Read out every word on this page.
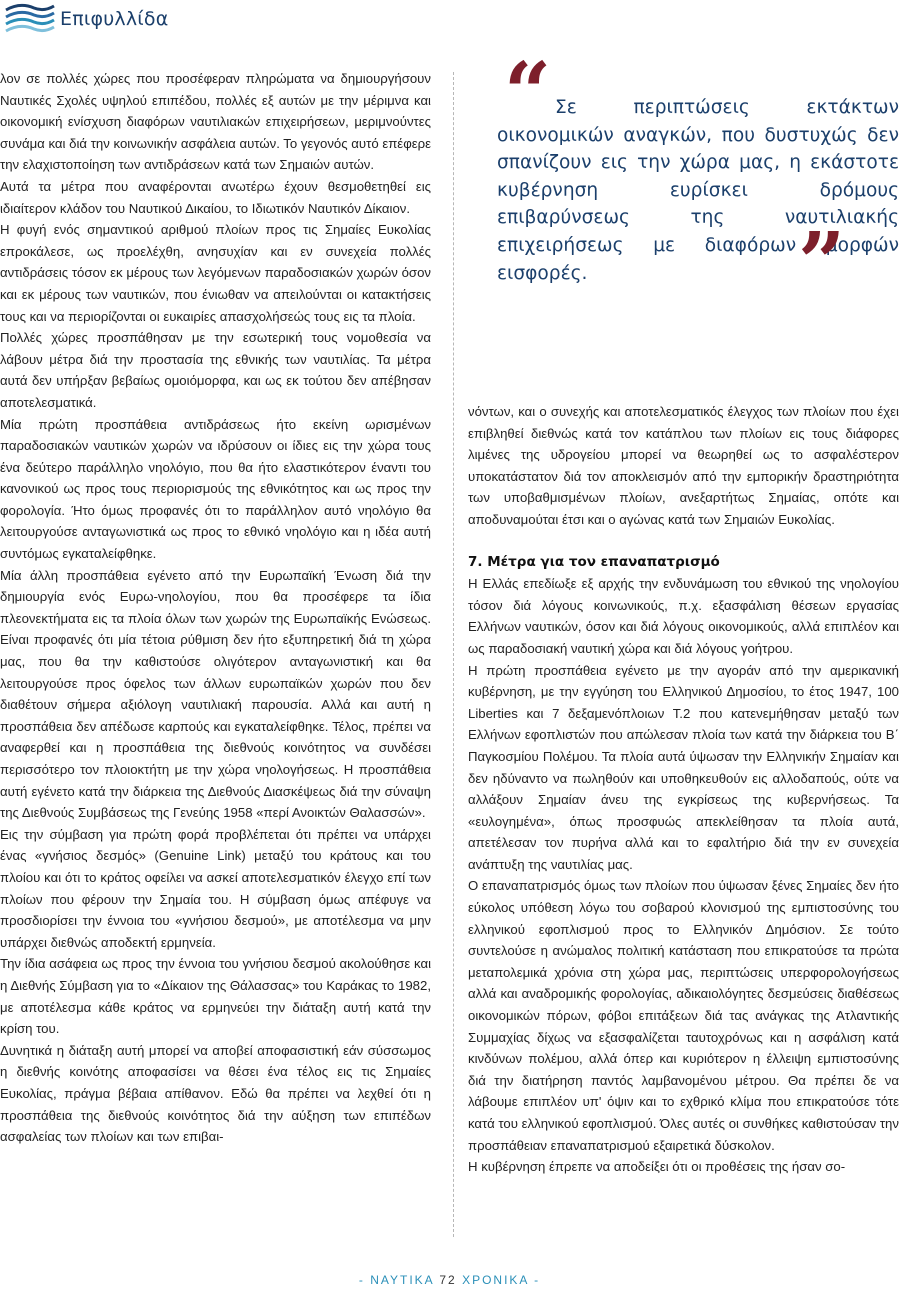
Επιφυλλίδα

λον σε πολλές χώρες που προσέφεραν πληρώματα να δημιουργήσουν Ναυτικές Σχολές υψηλού επιπέδου, πολλές εξ αυτών με την μέριμνα και οικονομική ενίσχυση διαφόρων ναυτιλιακών επιχειρήσεων, μεριμνούντες συνάμα και διά την κοινωνικήν ασφάλεια αυτών. Το γεγονός αυτό επέφερε την ελαχιστοποίηση των αντιδράσεων κατά των Σημαιών αυτών.

Αυτά τα μέτρα που αναφέρονται ανωτέρω έχουν θεσμοθετηθεί εις ιδιαίτερον κλάδον του Ναυτικού Δικαίου, το Ιδιωτικόν Ναυτικόν Δίκαιον.

Η φυγή ενός σημαντικού αριθμού πλοίων προς τις Σημαίες Ευκολίας επροκάλεσε, ως προελέχθη, ανησυχίαν και εν συνεχεία πολλές αντιδράσεις τόσον εκ μέρους των λεγόμενων παραδοσιακών χωρών όσον και εκ μέρους των ναυτικών, που ένιωθαν να απειλούνται οι κατακτήσεις τους και να περιορίζονται οι ευκαιρίες απασχολήσεώς τους εις τα πλοία.

Πολλές χώρες προσπάθησαν με την εσωτερική τους νομοθεσία να λάβουν μέτρα διά την προστασία της εθνικής των ναυτιλίας. Τα μέτρα αυτά δεν υπήρξαν βεβαίως ομοιόμορφα, και ως εκ τούτου δεν απέβησαν αποτελεσματικά.

Μία πρώτη προσπάθεια αντιδράσεως ήτο εκείνη ωρισμένων παραδοσιακών ναυτικών χωρών να ιδρύσουν οι ίδιες εις την χώρα τους ένα δεύτερο παράλληλο νηολόγιο, που θα ήτο ελαστικότερον έναντι του κανονικού ως προς τους περιορισμούς της εθνικότητος και ως προς την φορολογία. Ήτο όμως προφανές ότι το παράλληλον αυτό νηολόγιο θα λειτουργούσε ανταγωνιστικά ως προς το εθνικό νηολόγιο και η ιδέα αυτή συντόμως εγκαταλείφθηκε.

Μία άλλη προσπάθεια εγένετο από την Ευρωπαϊκή Ένωση διά την δημιουργία ενός Ευρω-νηολογίου, που θα προσέφερε τα ίδια πλεονεκτήματα εις τα πλοία όλων των χωρών της Ευρωπαϊκής Ενώσεως. Είναι προφανές ότι μία τέτοια ρύθμιση δεν ήτο εξυπηρετική διά τη χώρα μας, που θα την καθιστούσε ολιγότερον ανταγωνιστική και θα λειτουργούσε προς όφελος των άλλων ευρωπαϊκών χωρών που δεν διαθέτουν σήμερα αξιόλογη ναυτιλιακή παρουσία. Αλλά και αυτή η προσπάθεια δεν απέδωσε καρπούς και εγκαταλείφθηκε. Τέλος, πρέπει να αναφερθεί και η προσπάθεια της διεθνούς κοινότητος να συνδέσει περισσότερο τον πλοιοκτήτη με την χώρα νηολογήσεως. Η προσπάθεια αυτή εγένετο κατά την διάρκεια της Διεθνούς Διασκέψεως διά την σύναψη της Διεθνούς Συμβάσεως της Γενεύης 1958 «περί Ανοικτών Θαλασσών».

Εις την σύμβαση για πρώτη φορά προβλέπεται ότι πρέπει να υπάρχει ένας «γνήσιος δεσμός» (Genuine Link) μεταξύ του κράτους και του πλοίου και ότι το κράτος οφείλει να ασκεί αποτελεσματικόν έλεγχο επί των πλοίων που φέρουν την Σημαία του. Η σύμβαση όμως απέφυγε να προσδιορίσει την έννοια του «γνήσιου δεσμού», με αποτέλεσμα να μην υπάρχει διεθνώς αποδεκτή ερμηνεία.

Την ίδια ασάφεια ως προς την έννοια του γνήσιου δεσμού ακολούθησε και η Διεθνής Σύμβαση για το «Δίκαιον της Θάλασσας» του Καράκας το 1982, με αποτέλεσμα κάθε κράτος να ερμηνεύει την διάταξη αυτή κατά την κρίση του.

Δυνητικά η διάταξη αυτή μπορεί να αποβεί αποφασιστική εάν σύσσωμος η διεθνής κοινότης αποφασίσει να θέσει ένα τέλος εις τις Σημαίες Ευκολίας, πράγμα βέβαια απίθανον. Εδώ θα πρέπει να λεχθεί ότι η προσπάθεια της διεθνούς κοινότητος διά την αύξηση των επιπέδων ασφαλείας των πλοίων και των επιβαι-

“ Σε περιπτώσεις εκτάκτων οικονομικών αναγκών, που δυστυχώς δεν σπανίζουν εις την χώρα μας, η εκάστοτε κυβέρνηση ευρίσκει δρόμους επιβαρύνσεως της ναυτιλιακής επιχειρήσεως με διαφόρων μορφών εισφορές.	”

νόντων, και ο συνεχής και αποτελεσματικός έλεγχος των πλοίων που έχει επιβληθεί διεθνώς κατά τον κατάπλου των πλοίων εις τους διάφορες λιμένες της υδρογείου μπορεί να θεωρηθεί ως το ασφαλέστερον υποκατάστατον διά τον αποκλεισμόν από την εμπορικήν δραστηριότητα των υποβαθμισμένων πλοίων, ανεξαρτήτως Σημαίας, οπότε και αποδυναμούται έτσι και ο αγώνας κατά των Σημαιών Ευκολίας.

7. Μέτρα για τον επαναπατρισμό

Η Ελλάς επεδίωξε εξ αρχής την ενδυνάμωση του εθνικού της νηολογίου τόσον διά λόγους κοινωνικούς, π.χ. εξασφάλιση θέσεων εργασίας Ελλήνων ναυτικών, όσον και διά λόγους οικονομικούς, αλλά επιπλέον και ως παραδοσιακή ναυτική χώρα και διά λόγους γοήτρου.

Η πρώτη προσπάθεια εγένετο με την αγοράν από την αμερικανική κυβέρνηση, με την εγγύηση του Ελληνικού Δημοσίου, το έτος 1947, 100 Liberties και 7 δεξαμενόπλοιων Τ.2 που κατενεμήθησαν μεταξύ των Ελλήνων εφοπλιστών που απώλεσαν πλοία των κατά την διάρκεια του Β΄ Παγκοσμίου Πολέμου. Τα πλοία αυτά ύψωσαν την Ελληνικήν Σημαίαν και δεν ηδύναντο να πωληθούν και υποθηκευθούν εις αλλοδαπούς, ούτε να αλλάξουν Σημαίαν άνευ της εγκρίσεως της κυβερνήσεως. Τα «ευλογημένα», όπως προσφυώς απεκλείθησαν τα πλοία αυτά, απετέλεσαν τον πυρήνα αλλά και το εφαλτήριο διά την εν συνεχεία ανάπτυξη της ναυτιλίας μας.

Ο επαναπατρισμός όμως των πλοίων που ύψωσαν ξένες Σημαίες δεν ήτο εύκολος υπόθεση λόγω του σοβαρού κλονισμού της εμπιστοσύνης του ελληνικού εφοπλισμού προς το Ελληνικόν Δημόσιον. Σε τούτο συντελούσε η ανώμαλος πολιτική κατάσταση που επικρατούσε τα πρώτα μεταπολεμικά χρόνια στη χώρα μας, περιπτώσεις υπερφορολογήσεως αλλά και αναδρομικής φορολογίας, αδικαιολόγητες δεσμεύσεις διαθέσεως οικονομικών πόρων, φόβοι επιτάξεων διά τας ανάγκας της Ατλαντικής Συμμαχίας δίχως να εξασφαλίζεται ταυτοχρόνως και η ασφάλιση κατά κινδύνων πολέμου, αλλά όπερ και κυριότερον η έλλειψη εμπιστοσύνης διά την διατήρηση παντός λαμβανομένου μέτρου. Θα πρέπει δε να λάβουμε επιπλέον υπ' όψιν και το εχθρικό κλίμα που επικρατούσε τότε κατά του ελληνικού εφοπλισμού. Όλες αυτές οι συνθήκες καθιστούσαν την προσπάθειαν επαναπατρισμού εξαιρετικά δύσκολον.

Η κυβέρνηση έπρεπε να αποδείξει ότι οι προθέσεις της ήσαν σο-

- ΝΑΥΤΙΚΑ 72 ΧΡΟΝΙΚΑ -
